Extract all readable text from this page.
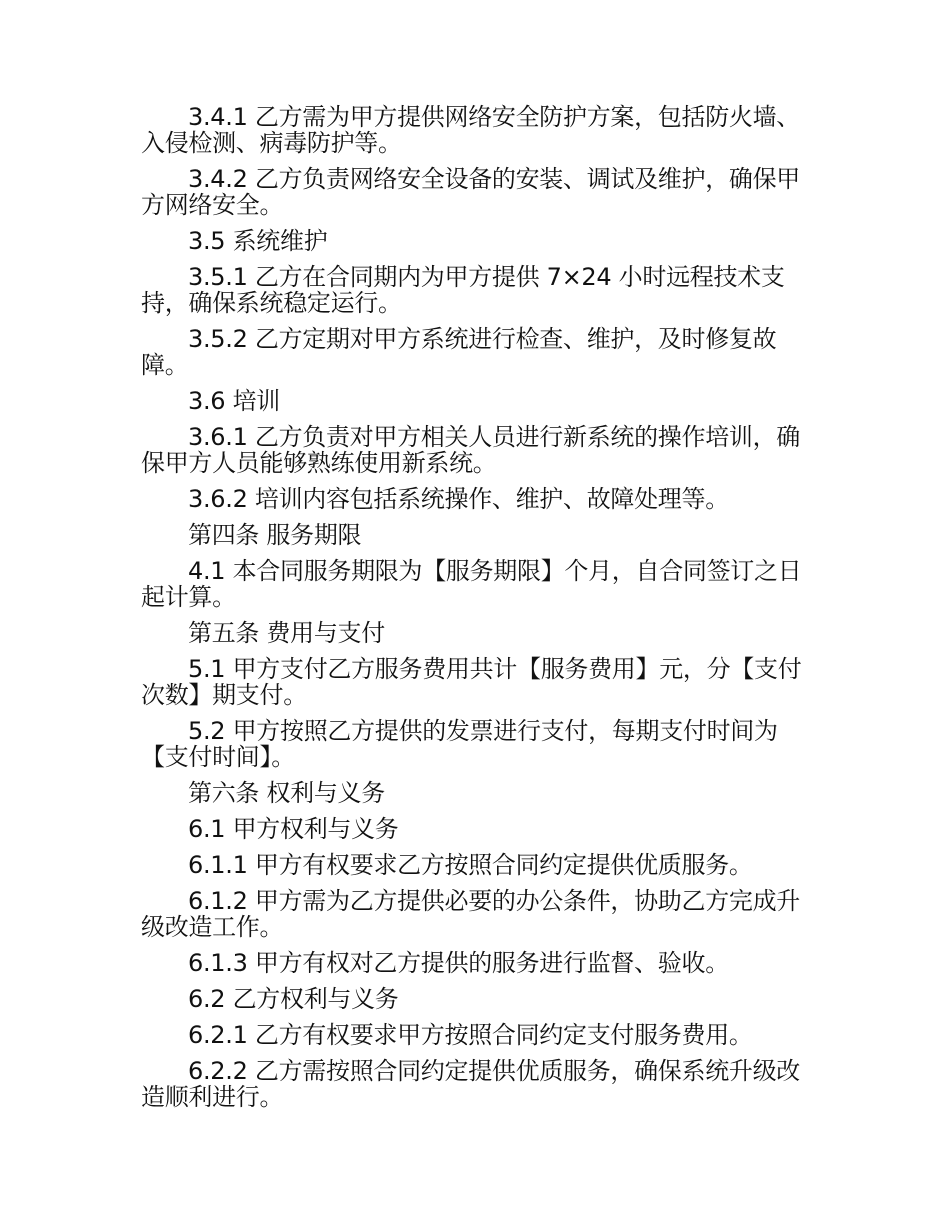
3.4.1 乙方需为甲方提供网络安全防护方案，包括防火墙、入侵检测、病毒防护等。

3.4.2 乙方负责网络安全设备的安装、调试及维护，确保甲方网络安全。

3.5 系统维护

3.5.1 乙方在合同期内为甲方提供 7×24 小时远程技术支持，确保系统稳定运行。

3.5.2 乙方定期对甲方系统进行检查、维护，及时修复故障。

3.6 培训

3.6.1 乙方负责对甲方相关人员进行新系统的操作培训，确保甲方人员能够熟练使用新系统。

3.6.2 培训内容包括系统操作、维护、故障处理等。

第四条 服务期限

4.1 本合同服务期限为【服务期限】个月，自合同签订之日起计算。

第五条 费用与支付

5.1 甲方支付乙方服务费用共计【服务费用】元，分【支付次数】期支付。

5.2 甲方按照乙方提供的发票进行支付，每期支付时间为【支付时间】。

第六条 权利与义务

6.1 甲方权利与义务

6.1.1 甲方有权要求乙方按照合同约定提供优质服务。

6.1.2 甲方需为乙方提供必要的办公条件，协助乙方完成升级改造工作。

6.1.3 甲方有权对乙方提供的服务进行监督、验收。

6.2 乙方权利与义务

6.2.1 乙方有权要求甲方按照合同约定支付服务费用。

6.2.2 乙方需按照合同约定提供优质服务，确保系统升级改造顺利进行。
